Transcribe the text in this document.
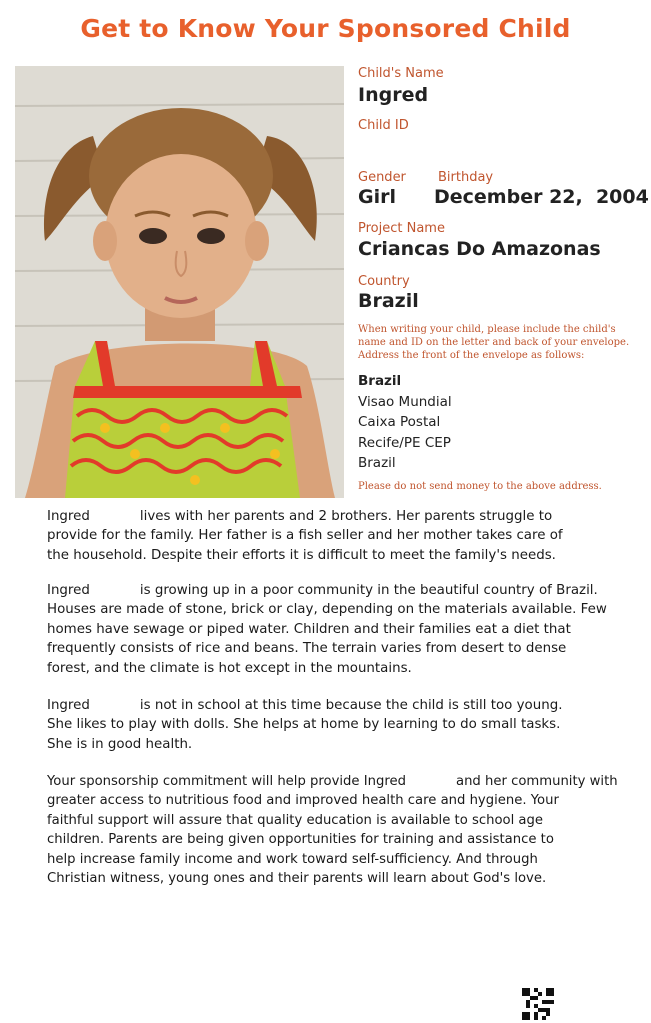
Get to Know Your Sponsored Child
Child's Name
Ingred
Child ID
Gender Birthday
Girl December 22,  2004
Project Name
Criancas Do Amazonas
Country
Brazil
When writing your child, please include the child's
name and ID on the letter and back of your envelope.
Address the front of the envelope as follows:
Brazil
Visao Mundial
Caixa Postal
Recife/PE CEP
Brazil
Please do not send money to the above address.
Ingred	lives with her parents and 2 brothers. Her parents struggle to
provide for the family. Her father is a fish seller and her mother takes care of
the household. Despite their efforts it is difficult to meet the family's needs.
Ingred	is growing up in a poor community in the beautiful country of Brazil.
Houses are made of stone, brick or clay, depending on the materials available. Few
homes have sewage or piped water. Children and their families eat a diet that
frequently consists of rice and beans. The terrain varies from desert to dense
forest, and the climate is hot except in the mountains.
Ingred	is not in school at this time because the child is still too young.
She likes to play with dolls. She helps at home by learning to do small tasks.
She is in good health.
Your sponsorship commitment will help provide Ingred	and her community with
greater access to nutritious food and improved health care and hygiene. Your
faithful support will assure that quality education is available to school age
children. Parents are being given opportunities for training and assistance to
help increase family income and work toward self-sufficiency. And through
Christian witness, young ones and their parents will learn about God's love.
